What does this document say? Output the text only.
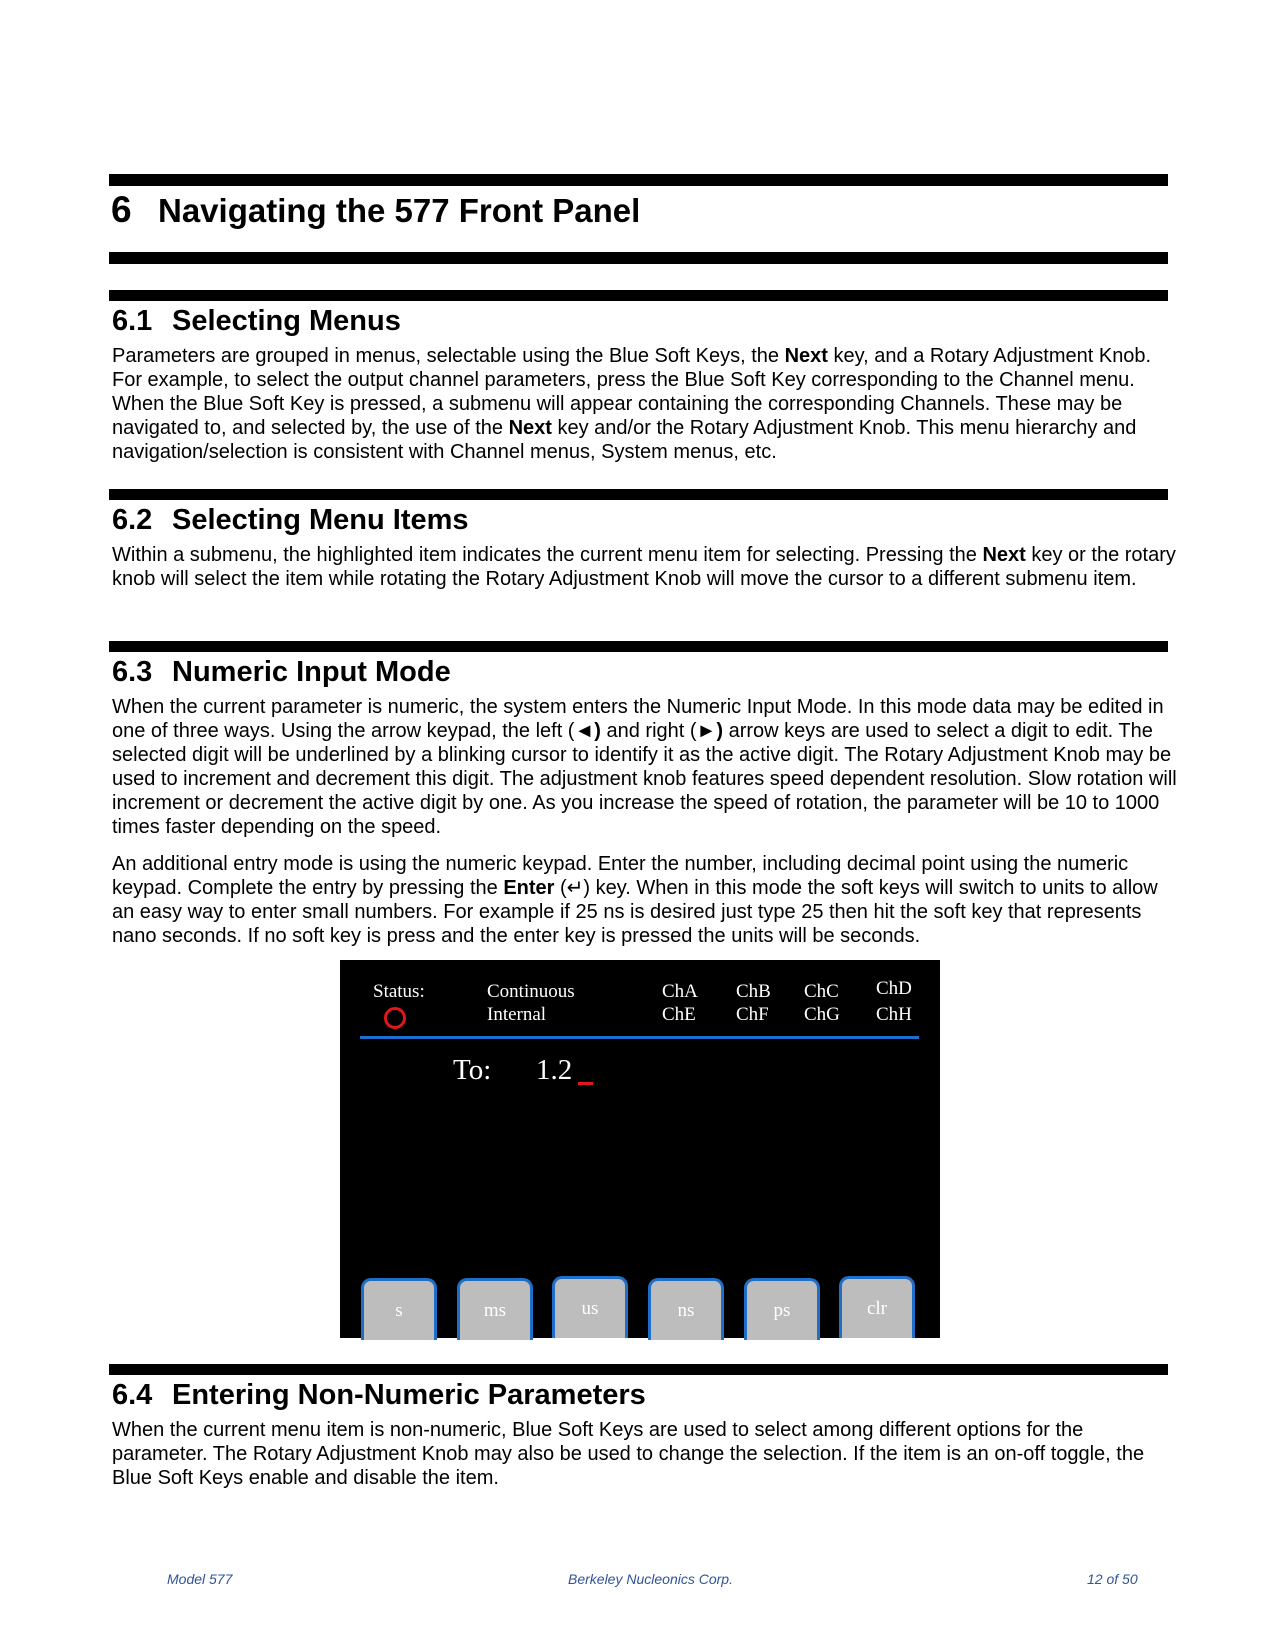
6 Navigating the 577 Front Panel
6.1 Selecting Menus

Parameters are grouped in menus, selectable using the Blue Soft Keys, the Next key, and a Rotary Adjustment Knob. For example, to select the output channel parameters, press the Blue Soft Key corresponding to the Channel menu. When the Blue Soft Key is pressed, a submenu will appear containing the corresponding Channels. These may be navigated to, and selected by, the use of the Next key and/or the Rotary Adjustment Knob. This menu hierarchy and navigation/selection is consistent with Channel menus, System menus, etc.

6.2 Selecting Menu Items

Within a submenu, the highlighted item indicates the current menu item for selecting. Pressing the Next key or the rotary knob will select the item while rotating the Rotary Adjustment Knob will move the cursor to a different submenu item.

6.3 Numeric Input Mode

When the current parameter is numeric, the system enters the Numeric Input Mode. In this mode data may be edited in one of three ways. Using the arrow keypad, the left (◄) and right (►) arrow keys are used to select a digit to edit. The selected digit will be underlined by a blinking cursor to identify it as the active digit. The Rotary Adjustment Knob may be used to increment and decrement this digit. The adjustment knob features speed dependent resolution. Slow rotation will increment or decrement the active digit by one. As you increase the speed of rotation, the parameter will be 10 to 1000 times faster depending on the speed.

An additional entry mode is using the numeric keypad. Enter the number, including decimal point using the numeric keypad. Complete the entry by pressing the Enter (↵) key. When in this mode the soft keys will switch to units to allow an easy way to enter small numbers. For example if 25 ns is desired just type 25 then hit the soft key that represents nano seconds. If no soft key is press and the enter key is pressed the units will be seconds.

Status:	Continuous
Internal
ChA ChB ChC ChD
ChE ChF ChG ChH
To: 1.2
s	ms	us	ns	ps	clr
6.4 Entering Non-Numeric Parameters

When the current menu item is non-numeric, Blue Soft Keys are used to select among different options for the parameter. The Rotary Adjustment Knob may also be used to change the selection. If the item is an on-off toggle, the Blue Soft Keys enable and disable the item.

Model 577	Berkeley Nucleonics Corp.	12 of 50
